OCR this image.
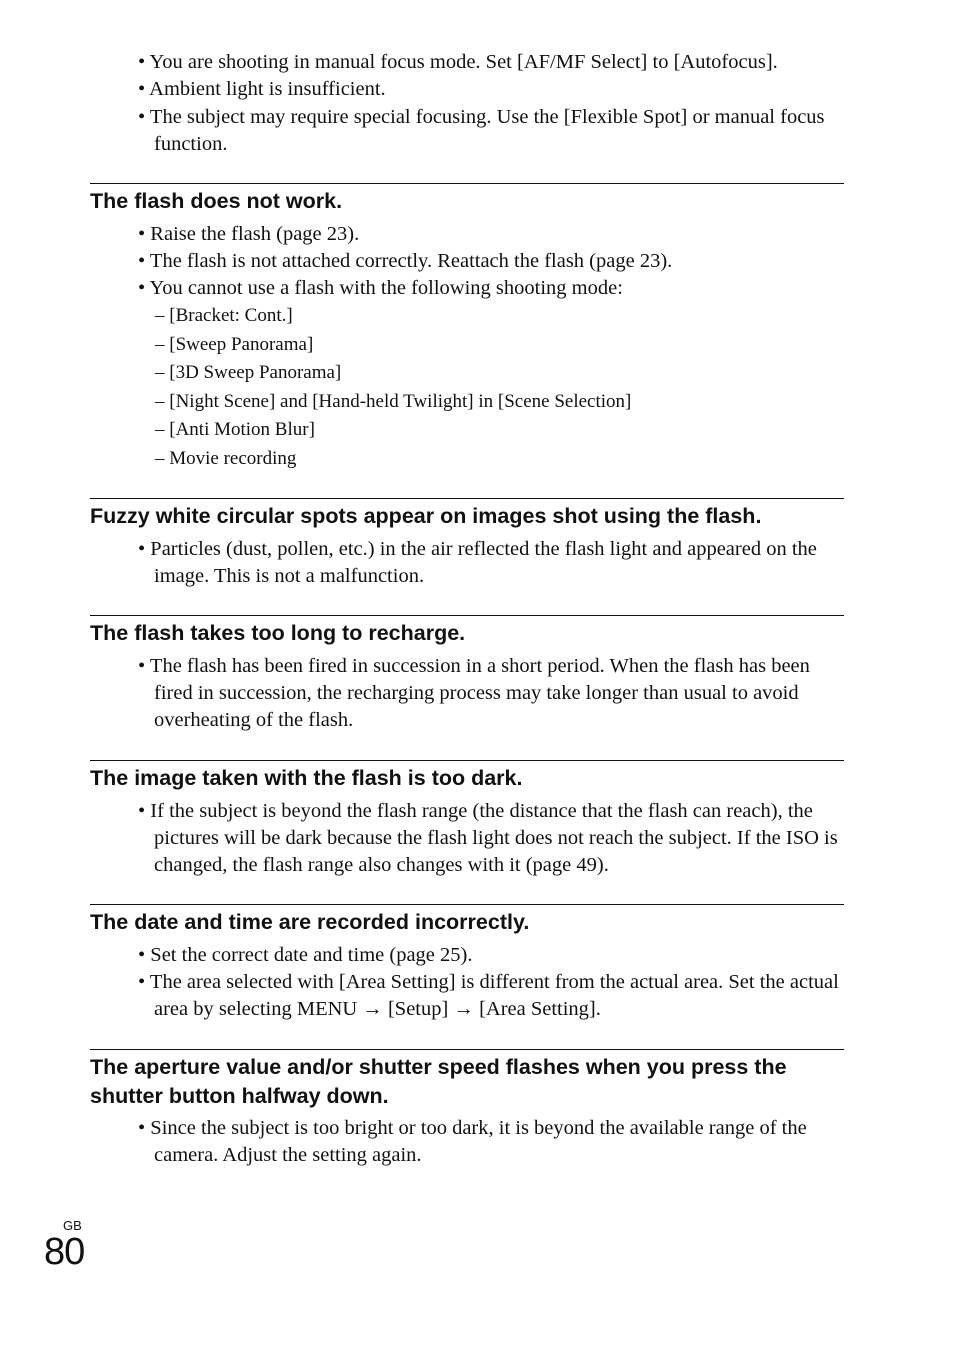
• You are shooting in manual focus mode. Set [AF/MF Select] to [Autofocus].

• Ambient light is insufficient.

• The subject may require special focusing. Use the [Flexible Spot] or manual focus function.

The flash does not work.

• Raise the flash (page 23).

• The flash is not attached correctly. Reattach the flash (page 23).

• You cannot use a flash with the following shooting mode:

– [Bracket: Cont.]

– [Sweep Panorama]

– [3D Sweep Panorama]

– [Night Scene] and [Hand-held Twilight] in [Scene Selection]

– [Anti Motion Blur]

– Movie recording

Fuzzy white circular spots appear on images shot using the flash.

• Particles (dust, pollen, etc.) in the air reflected the flash light and appeared on the image. This is not a malfunction.

The flash takes too long to recharge.

• The flash has been fired in succession in a short period. When the flash has been fired in succession, the recharging process may take longer than usual to avoid overheating of the flash.

The image taken with the flash is too dark.

• If the subject is beyond the flash range (the distance that the flash can reach), the pictures will be dark because the flash light does not reach the subject. If the ISO is changed, the flash range also changes with it (page 49).

The date and time are recorded incorrectly.

• Set the correct date and time (page 25).

• The area selected with [Area Setting] is different from the actual area. Set the actual area by selecting MENU → [Setup] → [Area Setting].

The aperture value and/or shutter speed flashes when you press the shutter button halfway down.

• Since the subject is too bright or too dark, it is beyond the available range of the camera. Adjust the setting again.

GB
80
